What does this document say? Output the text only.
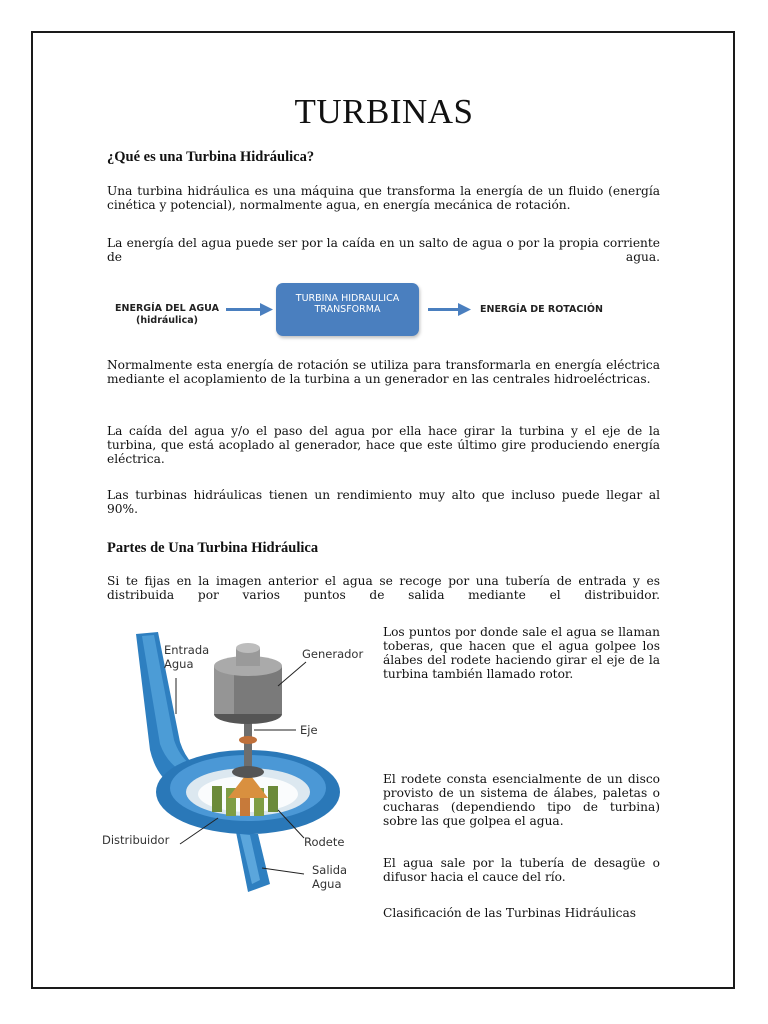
TURBINAS
¿Qué es una Turbina Hidráulica?

Una turbina hidráulica es una máquina que transforma la energía de un fluido (energía cinética y potencial), normalmente agua, en energía mecánica de rotación.

La energía del agua puede ser por la caída en un salto de agua o por la propia corriente de agua.

ENERGÍA DEL AGUA
(hidráulica)
TURBINA HIDRAULICA
TRANSFORMA	ENERGÍA DE ROTACIÓN

Normalmente esta energía de rotación se utiliza para transformarla en energía eléctrica mediante el acoplamiento de la turbina a un generador en las centrales hidroeléctricas.

La caída del agua y/o el paso del agua por ella hace girar la turbina y el eje de la turbina, que está acoplado al generador, hace que este último gire produciendo energía eléctrica.

Las turbinas hidráulicas tienen un rendimiento muy alto que incluso puede llegar al 90%.

Partes de Una Turbina Hidráulica

Si te fijas en la imagen anterior el agua se recoge por una tubería de entrada y es distribuida por varios puntos de salida mediante el distribuidor.

Entrada
Agua
Generador
Eje
Distribuidor	Rodete
Salida
Agua

Los puntos por donde sale el agua se llaman toberas, que hacen que el agua golpee los álabes del rodete haciendo girar el eje de la turbina también llamado rotor.

El rodete consta esencialmente de un disco provisto de un sistema de álabes, paletas o cucharas (dependiendo tipo de turbina) sobre las que golpea el agua.

El agua sale por la tubería de desagüe o difusor hacia el cauce del río.

Clasificación de las Turbinas Hidráulicas
